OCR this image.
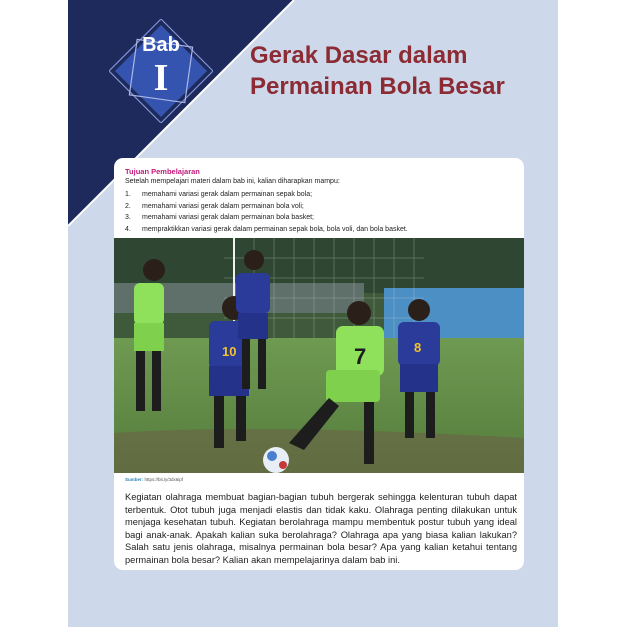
Bab
I
Gerak Dasar dalam
Permainan Bola Besar

Tujuan Pembelajaran

Setelah mempelajari materi dalam bab ini, kalian diharapkan mampu:

1.	memahami variasi gerak dalam permainan sepak bola;
2.	memahami variasi gerak dalam permainan bola voli;
3.	memahami variasi gerak dalam permainan bola basket;
4.	mempraktikkan variasi gerak dalam permainan sepak bola, bola voli, dan bola basket.
10	7	8

Sumber: https://bit.ly/3dx6ipf

Kegiatan olahraga membuat bagian-bagian tubuh bergerak sehingga kelenturan tubuh dapat terbentuk. Otot tubuh juga menjadi elastis dan tidak kaku. Olahraga penting dilakukan untuk menjaga kesehatan tubuh. Kegiatan berolahraga mampu membentuk postur tubuh yang ideal bagi anak-anak. Apakah kalian suka berolahraga? Olahraga apa yang biasa kalian lakukan? Salah satu jenis olahraga, misalnya permainan bola besar? Apa yang kalian ketahui tentang permainan bola besar? Kalian akan mempelajarinya dalam bab ini.
